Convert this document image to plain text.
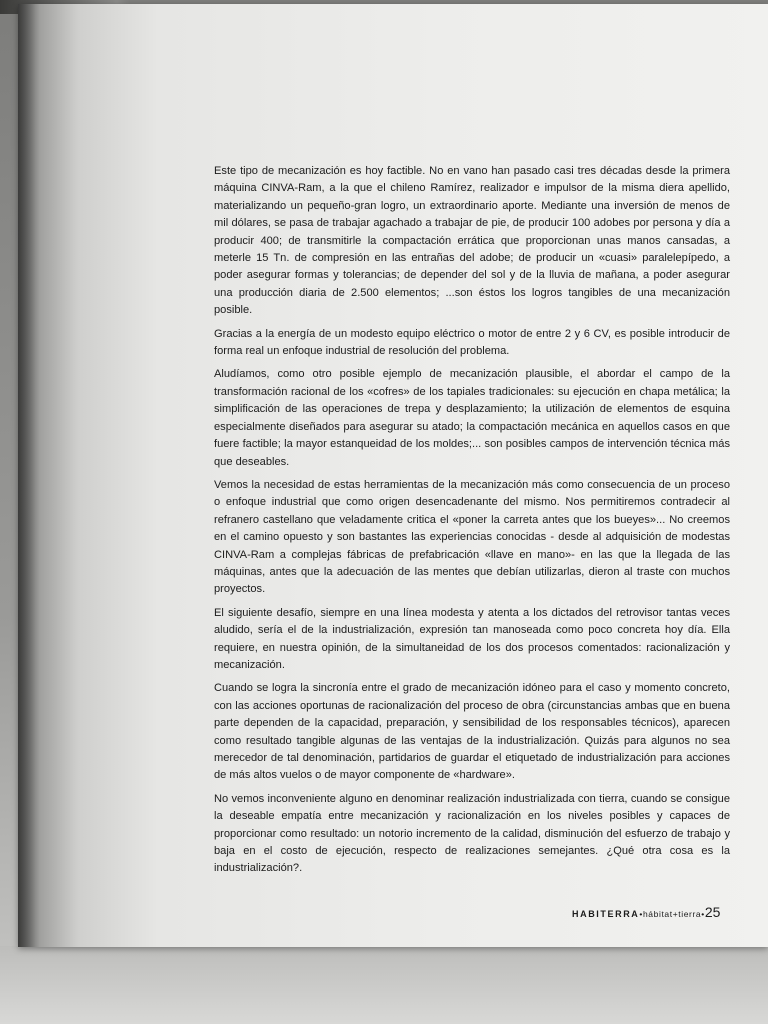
Este tipo de mecanización es hoy factible. No en vano han pasado casi tres décadas desde la primera máquina CINVA-Ram, a la que el chileno Ramírez, realizador e impulsor de la misma diera apellido, materializando un pequeño-gran logro, un extraordinario aporte. Mediante una inversión de menos de mil dólares, se pasa de trabajar agachado a trabajar de pie, de producir 100 adobes por persona y día a producir 400; de transmitirle la compactación errática que proporcionan unas manos cansadas, a meterle 15 Tn. de compresión en las entrañas del adobe; de producir un «cuasi» paralelepípedo, a poder asegurar formas y tolerancias; de depender del sol y de la lluvia de mañana, a poder asegurar una producción diaria de 2.500 elementos; ...son éstos los logros tangibles de una mecanización posible.

Gracias a la energía de un modesto equipo eléctrico o motor de entre 2 y 6 CV, es posible introducir de forma real un enfoque industrial de resolución del problema.

Aludíamos, como otro posible ejemplo de mecanización plausible, el abordar el campo de la transformación racional de los «cofres» de los tapiales tradicionales: su ejecución en chapa metálica; la simplificación de las operaciones de trepa y desplazamiento; la utilización de elementos de esquina especialmente diseñados para asegurar su atado; la compactación mecánica en aquellos casos en que fuere factible; la mayor estanqueidad de los moldes;... son posibles campos de intervención técnica más que deseables.

Vemos la necesidad de estas herramientas de la mecanización más como consecuencia de un proceso o enfoque industrial que como origen desencadenante del mismo. Nos permitiremos contradecir al refranero castellano que veladamente critica el «poner la carreta antes que los bueyes»... No creemos en el camino opuesto y son bastantes las experiencias conocidas - desde al adquisición de modestas CINVA-Ram a complejas fábricas de prefabricación «llave en mano»- en las que la llegada de las máquinas, antes que la adecuación de las mentes que debían utilizarlas, dieron al traste con muchos proyectos.

El siguiente desafío, siempre en una línea modesta y atenta a los dictados del retrovisor tantas veces aludido, sería el de la industrialización, expresión tan manoseada como poco concreta hoy día. Ella requiere, en nuestra opinión, de la simultaneidad de los dos procesos comentados: racionalización y mecanización.

Cuando se logra la sincronía entre el grado de mecanización idóneo para el caso y momento concreto, con las acciones oportunas de racionalización del proceso de obra (circunstancias ambas que en buena parte dependen de la capacidad, preparación, y sensibilidad de los responsables técnicos), aparecen como resultado tangible algunas de las ventajas de la industrialización. Quizás para algunos no sea merecedor de tal denominación, partidarios de guardar el etiquetado de industrialización para acciones de más altos vuelos o de mayor componente de «hardware».

No vemos inconveniente alguno en denominar realización industrializada con tierra, cuando se consigue la deseable empatía entre mecanización y racionalización en los niveles posibles y capaces de proporcionar como resultado: un notorio incremento de la calidad, disminución del esfuerzo de trabajo y baja en el costo de ejecución, respecto de realizaciones semejantes. ¿Qué otra cosa es la industrialización?.

HABITERRA •hábitat+tierra• 25
